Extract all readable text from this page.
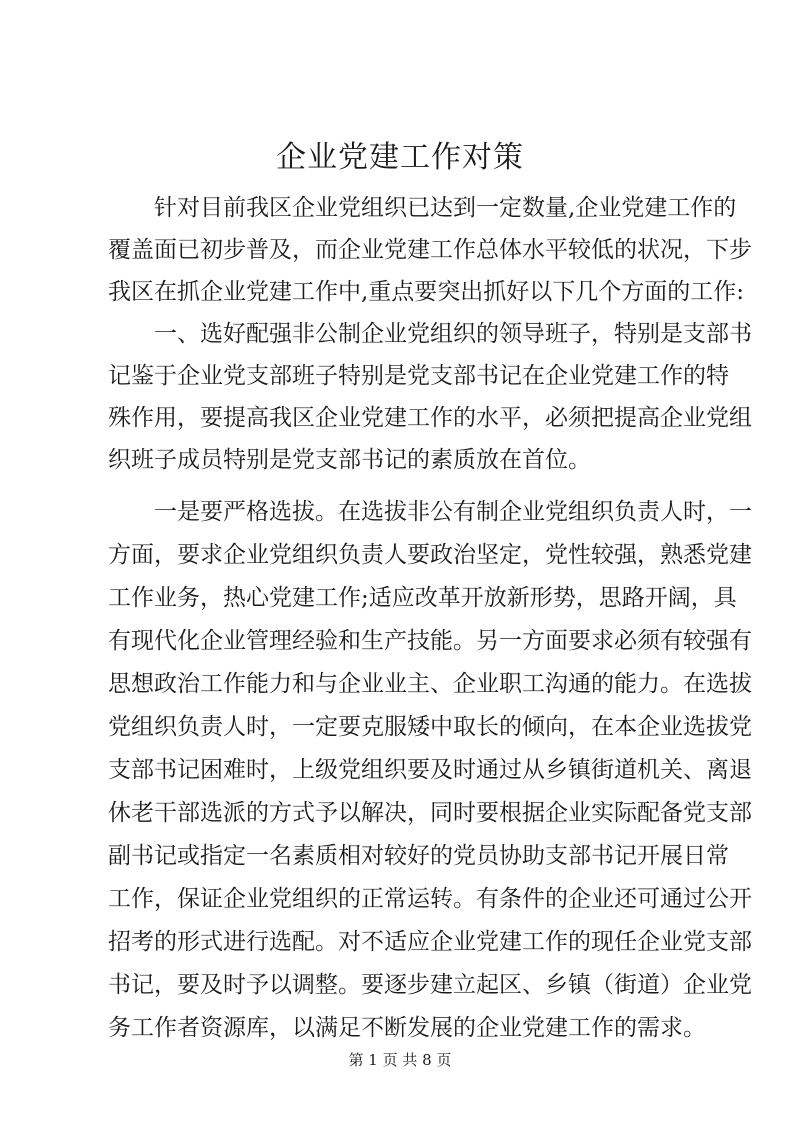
企业党建工作对策

针对目前我区企业党组织已达到一定数量,企业党建工作的

覆盖面已初步普及，而企业党建工作总体水平较低的状况，下步

我区在抓企业党建工作中,重点要突出抓好以下几个方面的工作:

一、选好配强非公制企业党组织的领导班子，特别是支部书

记鉴于企业党支部班子特别是党支部书记在企业党建工作的特

殊作用，要提高我区企业党建工作的水平，必须把提高企业党组

织班子成员特别是党支部书记的素质放在首位。

一是要严格选拔。在选拔非公有制企业党组织负责人时，一

方面，要求企业党组织负责人要政治坚定，党性较强，熟悉党建

工作业务，热心党建工作;适应改革开放新形势，思路开阔，具

有现代化企业管理经验和生产技能。另一方面要求必须有较强有

思想政治工作能力和与企业业主、企业职工沟通的能力。在选拔

党组织负责人时，一定要克服矮中取长的倾向，在本企业选拔党

支部书记困难时，上级党组织要及时通过从乡镇街道机关、离退

休老干部选派的方式予以解决，同时要根据企业实际配备党支部

副书记或指定一名素质相对较好的党员协助支部书记开展日常

工作，保证企业党组织的正常运转。有条件的企业还可通过公开

招考的形式进行选配。对不适应企业党建工作的现任企业党支部

书记，要及时予以调整。要逐步建立起区、乡镇（街道）企业党

务工作者资源库，以满足不断发展的企业党建工作的需求。

第 1 页 共 8 页
